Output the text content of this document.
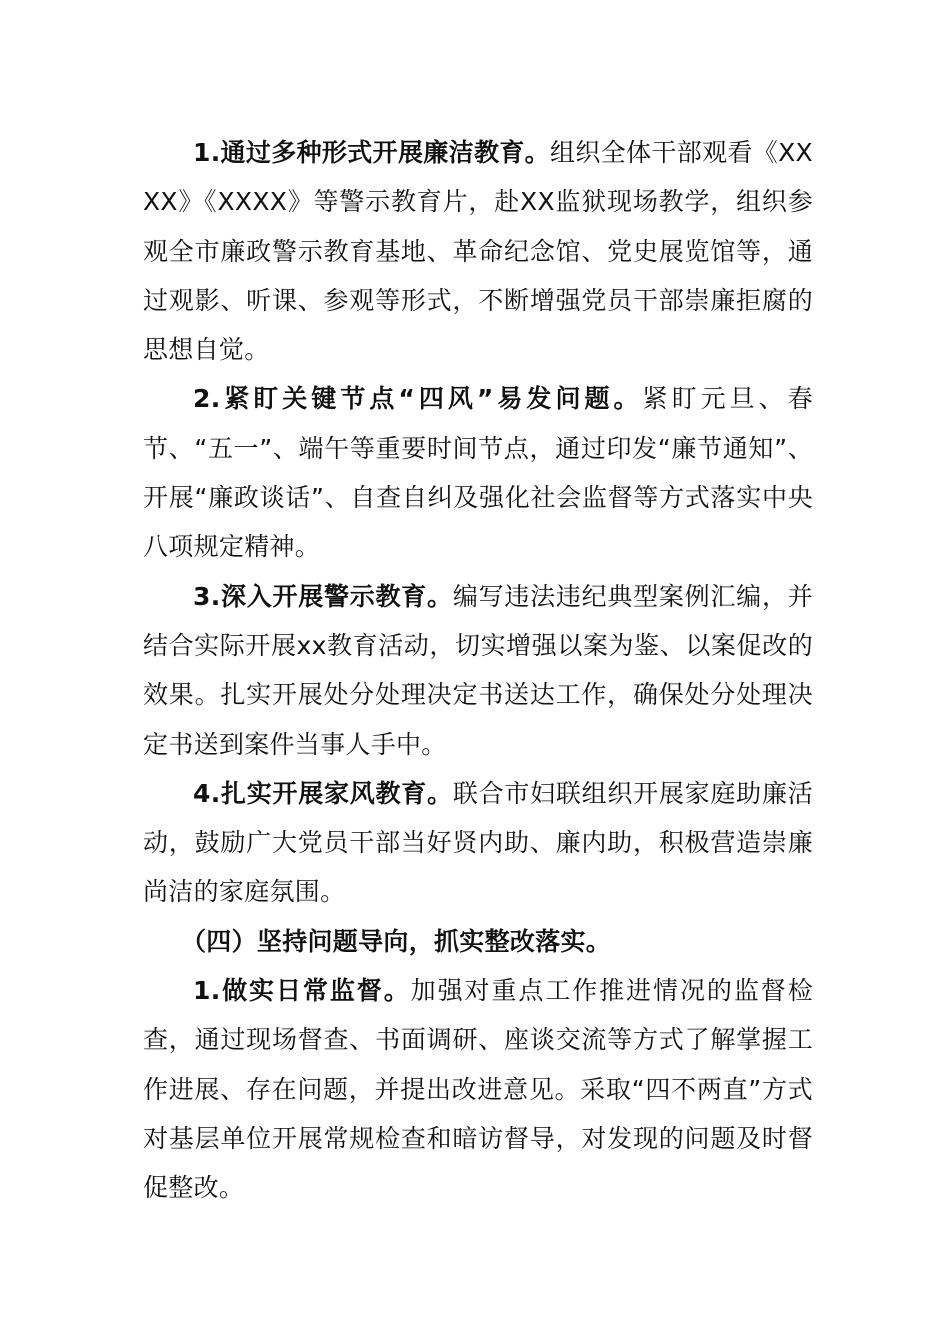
1.通过多种形式开展廉洁教育。组织全体干部观看《XXXX》《XXXX》等警示教育片，赴XX监狱现场教学，组织参观全市廉政警示教育基地、革命纪念馆、党史展览馆等，通过观影、听课、参观等形式，不断增强党员干部崇廉拒腐的思想自觉。

2.紧盯关键节点“四风”易发问题。紧盯元旦、春节、“五一”、端午等重要时间节点，通过印发“廉节通知”、开展“廉政谈话”、自查自纠及强化社会监督等方式落实中央八项规定精神。

3.深入开展警示教育。编写违法违纪典型案例汇编，并结合实际开展xx教育活动，切实增强以案为鉴、以案促改的效果。扎实开展处分处理决定书送达工作，确保处分处理决定书送到案件当事人手中。

4.扎实开展家风教育。联合市妇联组织开展家庭助廉活动，鼓励广大党员干部当好贤内助、廉内助，积极营造崇廉尚洁的家庭氛围。

（四）坚持问题导向，抓实整改落实。

1.做实日常监督。加强对重点工作推进情况的监督检查，通过现场督查、书面调研、座谈交流等方式了解掌握工作进展、存在问题，并提出改进意见。采取“四不两直”方式对基层单位开展常规检查和暗访督导，对发现的问题及时督促整改。
